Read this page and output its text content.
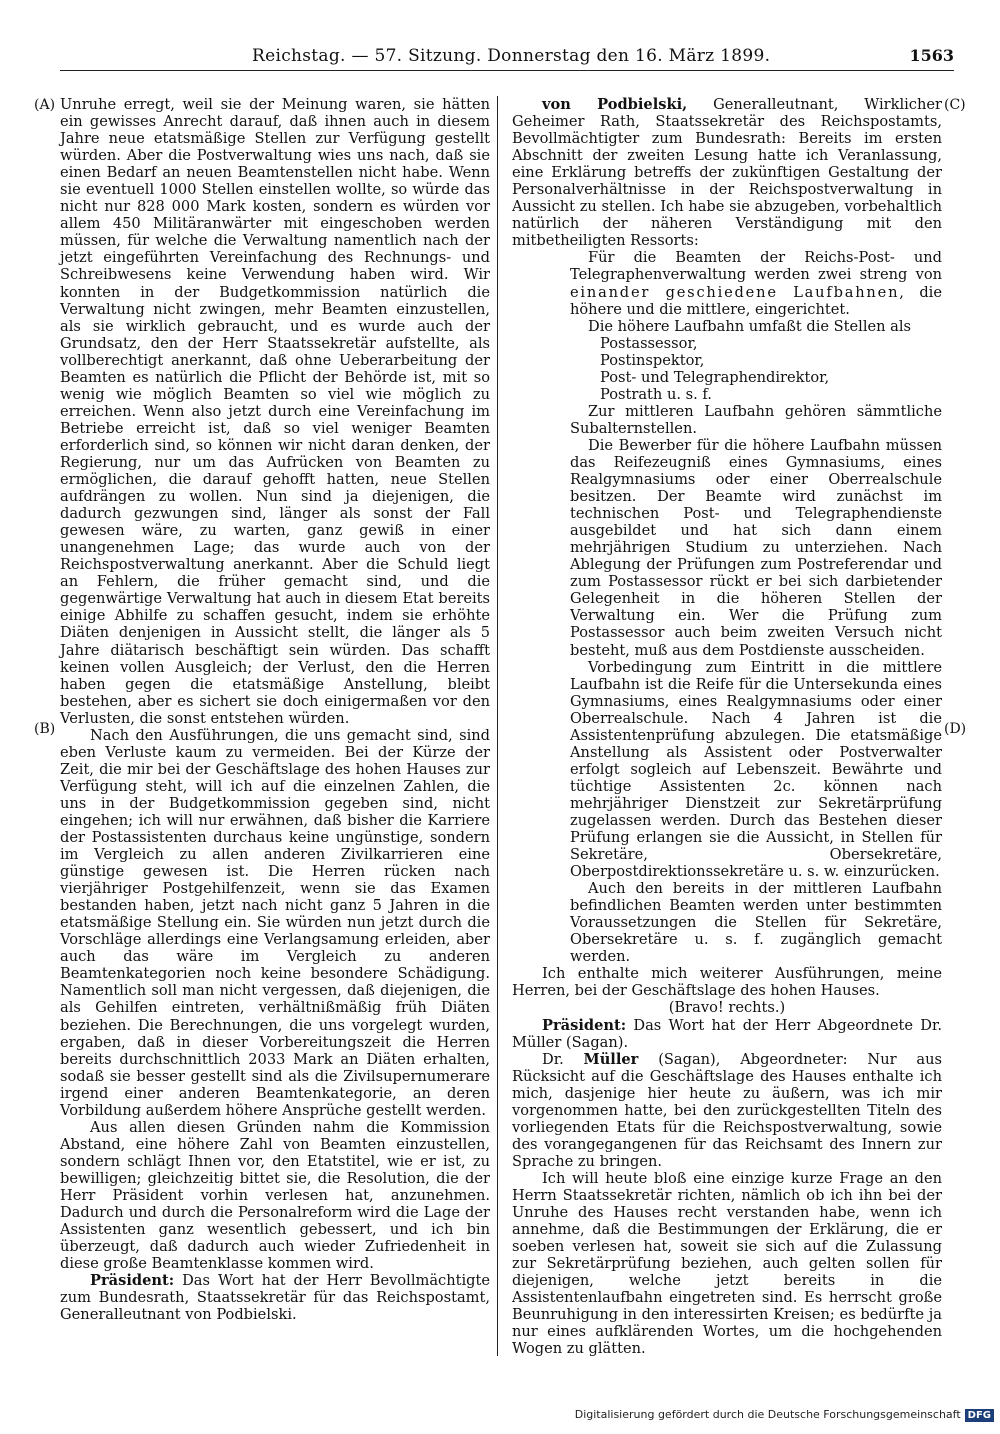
Reichstag. — 57. Sitzung. Donnerstag den 16. März 1899.	1563
(A)
(B)
(C)
(D)

Unruhe erregt, weil sie der Meinung waren, sie hätten ein gewisses Anrecht darauf, daß ihnen auch in diesem Jahre neue etatsmäßige Stellen zur Verfügung gestellt würden. Aber die Postverwaltung wies uns nach, daß sie einen Bedarf an neuen Beamtenstellen nicht habe. Wenn sie eventuell 1000 Stellen einstellen wollte, so würde das nicht nur 828 000 Mark kosten, sondern es würden vor allem 450 Militäranwärter mit eingeschoben werden müssen, für welche die Verwaltung namentlich nach der jetzt eingeführten Vereinfachung des Rechnungs- und Schreibwesens keine Verwendung haben wird. Wir konnten in der Budgetkommission natürlich die Verwaltung nicht zwingen, mehr Beamten einzustellen, als sie wirklich gebraucht, und es wurde auch der Grundsatz, den der Herr Staatssekretär aufstellte, als vollberechtigt anerkannt, daß ohne Ueberarbeitung der Beamten es natürlich die Pflicht der Behörde ist, mit so wenig wie möglich Beamten so viel wie möglich zu erreichen. Wenn also jetzt durch eine Vereinfachung im Betriebe erreicht ist, daß so viel weniger Beamten erforderlich sind, so können wir nicht daran denken, der Regierung, nur um das Aufrücken von Beamten zu ermöglichen, die darauf gehofft hatten, neue Stellen aufdrängen zu wollen. Nun sind ja diejenigen, die dadurch gezwungen sind, länger als sonst der Fall gewesen wäre, zu warten, ganz gewiß in einer unangenehmen Lage; das wurde auch von der Reichspostverwaltung anerkannt. Aber die Schuld liegt an Fehlern, die früher gemacht sind, und die gegenwärtige Verwaltung hat auch in diesem Etat bereits einige Abhilfe zu schaffen gesucht, indem sie erhöhte Diäten denjenigen in Aussicht stellt, die länger als 5 Jahre diätarisch beschäftigt sein würden. Das schafft keinen vollen Ausgleich; der Verlust, den die Herren haben gegen die etatsmäßige Anstellung, bleibt bestehen, aber es sichert sie doch einigermaßen vor den Verlusten, die sonst entstehen würden.

Nach den Ausführungen, die uns gemacht sind, sind eben Verluste kaum zu vermeiden. Bei der Kürze der Zeit, die mir bei der Geschäftslage des hohen Hauses zur Verfügung steht, will ich auf die einzelnen Zahlen, die uns in der Budgetkommission gegeben sind, nicht eingehen; ich will nur erwähnen, daß bisher die Karriere der Postassistenten durchaus keine ungünstige, sondern im Vergleich zu allen anderen Zivilkarrieren eine günstige gewesen ist. Die Herren rücken nach vierjähriger Postgehilfenzeit, wenn sie das Examen bestanden haben, jetzt nach nicht ganz 5 Jahren in die etatsmäßige Stellung ein. Sie würden nun jetzt durch die Vorschläge allerdings eine Verlangsamung erleiden, aber auch das wäre im Vergleich zu anderen Beamtenkategorien noch keine besondere Schädigung. Namentlich soll man nicht vergessen, daß diejenigen, die als Gehilfen eintreten, verhältnißmäßig früh Diäten beziehen. Die Berechnungen, die uns vorgelegt wurden, ergaben, daß in dieser Vorbereitungszeit die Herren bereits durchschnittlich 2033 Mark an Diäten erhalten, sodaß sie besser gestellt sind als die Zivilsupernumerare irgend einer anderen Beamtenkategorie, an deren Vorbildung außerdem höhere Ansprüche gestellt werden.

Aus allen diesen Gründen nahm die Kommission Abstand, eine höhere Zahl von Beamten einzustellen, sondern schlägt Ihnen vor, den Etatstitel, wie er ist, zu bewilligen; gleichzeitig bittet sie, die Resolution, die der Herr Präsident vorhin verlesen hat, anzunehmen. Dadurch und durch die Personalreform wird die Lage der Assistenten ganz wesentlich gebessert, und ich bin überzeugt, daß dadurch auch wieder Zufriedenheit in diese große Beamtenklasse kommen wird.

Präsident: Das Wort hat der Herr Bevollmächtigte zum Bundesrath, Staatssekretär für das Reichspostamt, Generalleutnant von Podbielski.

von Podbielski, Generalleutnant, Wirklicher Geheimer Rath, Staatssekretär des Reichspostamts, Bevollmächtigter zum Bundesrath: Bereits im ersten Abschnitt der zweiten Lesung hatte ich Veranlassung, eine Erklärung betreffs der zukünftigen Gestaltung der Personalverhältnisse in der Reichspostverwaltung in Aussicht zu stellen. Ich habe sie abzugeben, vorbehaltlich natürlich der näheren Verständigung mit den mitbetheiligten Ressorts:

Für die Beamten der Reichs-Post- und Telegraphenverwaltung werden zwei streng von einander geschiedene Laufbahnen, die höhere und die mittlere, eingerichtet.

Die höhere Laufbahn umfaßt die Stellen als

Postassessor,

Postinspektor,

Post- und Telegraphendirektor,

Postrath u. s. f.

Zur mittleren Laufbahn gehören sämmtliche Subalternstellen.

Die Bewerber für die höhere Laufbahn müssen das Reifezeugniß eines Gymnasiums, eines Realgymnasiums oder einer Oberrealschule besitzen. Der Beamte wird zunächst im technischen Post- und Telegraphendienste ausgebildet und hat sich dann einem mehrjährigen Studium zu unterziehen. Nach Ablegung der Prüfungen zum Postreferendar und zum Postassessor rückt er bei sich darbietender Gelegenheit in die höheren Stellen der Verwaltung ein. Wer die Prüfung zum Postassessor auch beim zweiten Versuch nicht besteht, muß aus dem Postdienste ausscheiden.

Vorbedingung zum Eintritt in die mittlere Laufbahn ist die Reife für die Untersekunda eines Gymnasiums, eines Realgymnasiums oder einer Oberrealschule. Nach 4 Jahren ist die Assistentenprüfung abzulegen. Die etatsmäßige Anstellung als Assistent oder Postverwalter erfolgt sogleich auf Lebenszeit. Bewährte und tüchtige Assistenten 2c. können nach mehrjähriger Dienstzeit zur Sekretärprüfung zugelassen werden. Durch das Bestehen dieser Prüfung erlangen sie die Aussicht, in Stellen für Sekretäre, Obersekretäre, Oberpostdirektionssekretäre u. s. w. einzurücken.

Auch den bereits in der mittleren Laufbahn befindlichen Beamten werden unter bestimmten Voraussetzungen die Stellen für Sekretäre, Obersekretäre u. s. f. zugänglich gemacht werden.

Ich enthalte mich weiterer Ausführungen, meine Herren, bei der Geschäftslage des hohen Hauses.

(Bravo! rechts.)

Präsident: Das Wort hat der Herr Abgeordnete Dr. Müller (Sagan).

Dr. Müller (Sagan), Abgeordneter: Nur aus Rücksicht auf die Geschäftslage des Hauses enthalte ich mich, dasjenige hier heute zu äußern, was ich mir vorgenommen hatte, bei den zurückgestellten Titeln des vorliegenden Etats für die Reichspostverwaltung, sowie des vorangegangenen für das Reichsamt des Innern zur Sprache zu bringen.

Ich will heute bloß eine einzige kurze Frage an den Herrn Staatssekretär richten, nämlich ob ich ihn bei der Unruhe des Hauses recht verstanden habe, wenn ich annehme, daß die Bestimmungen der Erklärung, die er soeben verlesen hat, soweit sie sich auf die Zulassung zur Sekretärprüfung beziehen, auch gelten sollen für diejenigen, welche jetzt bereits in die Assistentenlaufbahn eingetreten sind. Es herrscht große Beunruhigung in den interessirten Kreisen; es bedürfte ja nur eines aufklärenden Wortes, um die hochgehenden Wogen zu glätten.

Digitalisierung gefördert durch die Deutsche Forschungsgemeinschaft DFG
